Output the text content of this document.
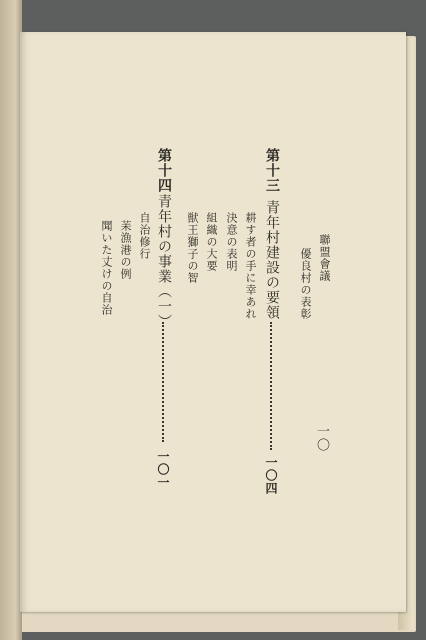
聯盟會議
優良村の表彰
第十三
青年村建設の要領
一〇四
耕す者の手に幸あれ
決意の表明
組織の大要
獣王獅子の智
第十四
青年村の事業（一）
一〇一
自治修行
苿漁港の例
聞いた丈けの自治
一〇
